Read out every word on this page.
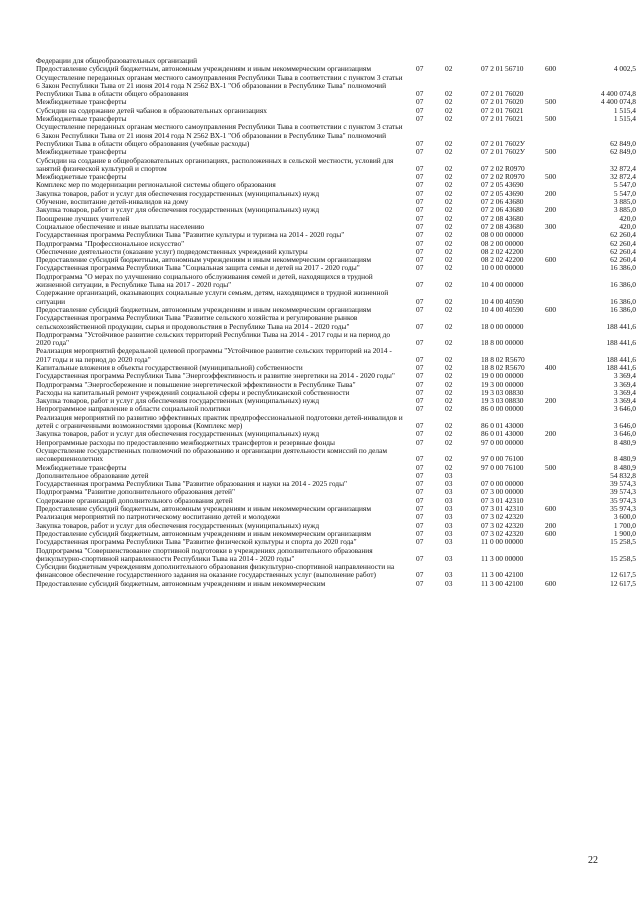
Федерации для общеобразовательных организаций					
Предоставление субсидий бюджетным, автономным учреждениям и иным некоммерческим организациям	07	02	07 2 01 56710	600	4 002,5
Осуществление переданных органам местного самоуправления Республики Тыва в соответствии с пунктом 3 статьи 6 Закон Республики Тыва от 21 июня 2014 года N 2562 ВХ-1 "Об образовании в Республике Тыва" полномочий Республики Тыва в области общего образования	07	02	07 2 01 76020		4 400 074,8
Межбюджетные трансферты	07	02	07 2 01 76020	500	4 400 074,8
Субсидии на содержание детей чабанов в образовательных организациях	07	02	07 2 01 76021		1 515,4
Межбюджетные трансферты	07	02	07 2 01 76021	500	1 515,4
Осуществление переданных органам местного самоуправления Республики Тыва в соответствии с пунктом 3 статьи 6 Закон Республики Тыва от 21 июня 2014 года N 2562 ВХ-1 "Об образовании в Республике Тыва" полномочий Республики Тыва в области общего образования (учебные расходы)	07	02	07 2 01 7602У		62 849,0
Межбюджетные трансферты	07	02	07 2 01 7602У	500	62 849,0
Субсидии на создание в общеобразовательных организациях, расположенных в сельской местности, условий для занятий физической культурой и спортом	07	02	07 2 02 R0970		32 872,4
Межбюджетные трансферты	07	02	07 2 02 R0970	500	32 872,4
Комплекс мер по модернизации региональной системы общего образования	07	02	07 2 05 43690		5 547,0
Закупка товаров, работ и услуг для обеспечения государственных (муниципальных) нужд	07	02	07 2 05 43690	200	5 547,0
Обучение, воспитание детей-инвалидов на дому	07	02	07 2 06 43680		3 885,0
Закупка товаров, работ и услуг для обеспечения государственных (муниципальных) нужд	07	02	07 2 06 43680	200	3 885,0
Поощрение лучших учителей	07	02	07 2 08 43680		420,0
Социальное обеспечение и иные выплаты населению	07	02	07 2 08 43680	300	420,0
Государственная программа Республики Тыва "Развитие культуры и туризма на 2014 - 2020 годы"	07	02	08 0 00 00000		62 260,4
Подпрограмма "Профессиональное искусство"	07	02	08 2 00 00000		62 260,4
Обеспечение деятельности (оказание услуг) подведомственных учреждений культуры	07	02	08 2 02 42200		62 260,4
Предоставление субсидий бюджетным, автономным учреждениям и иным некоммерческим организациям	07	02	08 2 02 42200	600	62 260,4
Государственная программа Республики Тыва "Социальная защита семьи и детей на 2017 - 2020 годы"	07	02	10 0 00 00000		16 386,0
Подпрограмма "О мерах по улучшению социального обслуживания семей и детей, находящихся в трудной жизненной ситуации, в Республике Тыва на 2017 - 2020 годы"	07	02	10 4 00 00000		16 386,0
Содержание организаций, оказывающих социальные услуги семьям, детям, находящимся в трудной жизненной ситуации	07	02	10 4 00 40590		16 386,0
Предоставление субсидий бюджетным, автономным учреждениям и иным некоммерческим организациям	07	02	10 4 00 40590	600	16 386,0
Государственная программа Республики Тыва "Развитие сельского хозяйства и регулирование рынков сельскохозяйственной продукции, сырья и продовольствия в Республике Тыва на 2014 - 2020 годы"	07	02	18 0 00 00000		188 441,6
Подпрограмма "Устойчивое развитие сельских территорий Республики Тыва на 2014 - 2017 годы и на период до 2020 года"	07	02	18 8 00 00000		188 441,6
Реализация мероприятий федеральной целевой программы "Устойчивое развитие сельских территорий на 2014 - 2017 годы и на период до 2020 года"	07	02	18 8 02 R5670		188 441,6
Капитальные вложения в объекты государственной (муниципальной) собственности	07	02	18 8 02 R5670	400	188 441,6
Государственная программа Республики Тыва "Энергоэффективность и развитие энергетики на 2014 - 2020 годы"	07	02	19 0 00 00000		3 369,4
Подпрограмма "Энергосбережение и повышение энергетической эффективности в Республике Тыва"	07	02	19 3 00 00000		3 369,4
Расходы на капитальный ремонт учреждений социальной сферы и республиканской собственности	07	02	19 3 03 08830		3 369,4
Закупка товаров, работ и услуг для обеспечения государственных (муниципальных) нужд	07	02	19 3 03 08830	200	3 369,4
Непрограммное направление в области социальной политики	07	02	86 0 00 00000		3 646,0
Реализация мероприятий по развитию эффективных практик предпрофессиональной подготовки детей-инвалидов и детей с ограниченными возможностями здоровья (Комплекс мер)	07	02	86 0 01 43000		3 646,0
Закупка товаров, работ и услуг для обеспечения государственных (муниципальных) нужд	07	02	86 0 01 43000	200	3 646,0
Непрограммные расходы по предоставлению межбюджетных трансфертов и резервные фонды	07	02	97 0 00 00000		8 480,9
Осуществление государственных полномочий по образованию и организации деятельности комиссий по делам несовершеннолетних	07	02	97 0 00 76100		8 480,9
Межбюджетные трансферты	07	02	97 0 00 76100	500	8 480,9
Дополнительное образование детей	07	03			54 832,8
Государственная программа Республики Тыва "Развитие образования и науки на 2014 - 2025 годы"	07	03	07 0 00 00000		39 574,3
Подпрограмма "Развитие дополнительного образования детей"	07	03	07 3 00 00000		39 574,3
Содержание организаций дополнительного образования детей	07	03	07 3 01 42310		35 974,3
Предоставление субсидий бюджетным, автономным учреждениям и иным некоммерческим организациям	07	03	07 3 01 42310	600	35 974,3
Реализация мероприятий по патриотическому воспитанию детей и молодежи	07	03	07 3 02 42320		3 600,0
Закупка товаров, работ и услуг для обеспечения государственных (муниципальных) нужд	07	03	07 3 02 42320	200	1 700,0
Предоставление субсидий бюджетным, автономным учреждениям и иным некоммерческим организациям	07	03	07 3 02 42320	600	1 900,0
Государственная программа Республики Тыва "Развитие физической культуры и спорта до 2020 года"	07	03	11 0 00 00000		15 258,5
Подпрограмма "Совершенствование спортивной подготовки в учреждениях дополнительного образования физкультурно-спортивной направленности Республики Тыва на 2014 - 2020 годы"	07	03	11 3 00 00000		15 258,5
Субсидии бюджетным учреждениям дополнительного образования физкультурно-спортивной направленности на финансовое обеспечение государственного задания на оказание государственных услуг (выполнение работ)	07	03	11 3 00 42100		12 617,5
Предоставление субсидий бюджетным, автономным учреждениям и иным некоммерческим	07	03	11 3 00 42100	600	12 617,5
22
